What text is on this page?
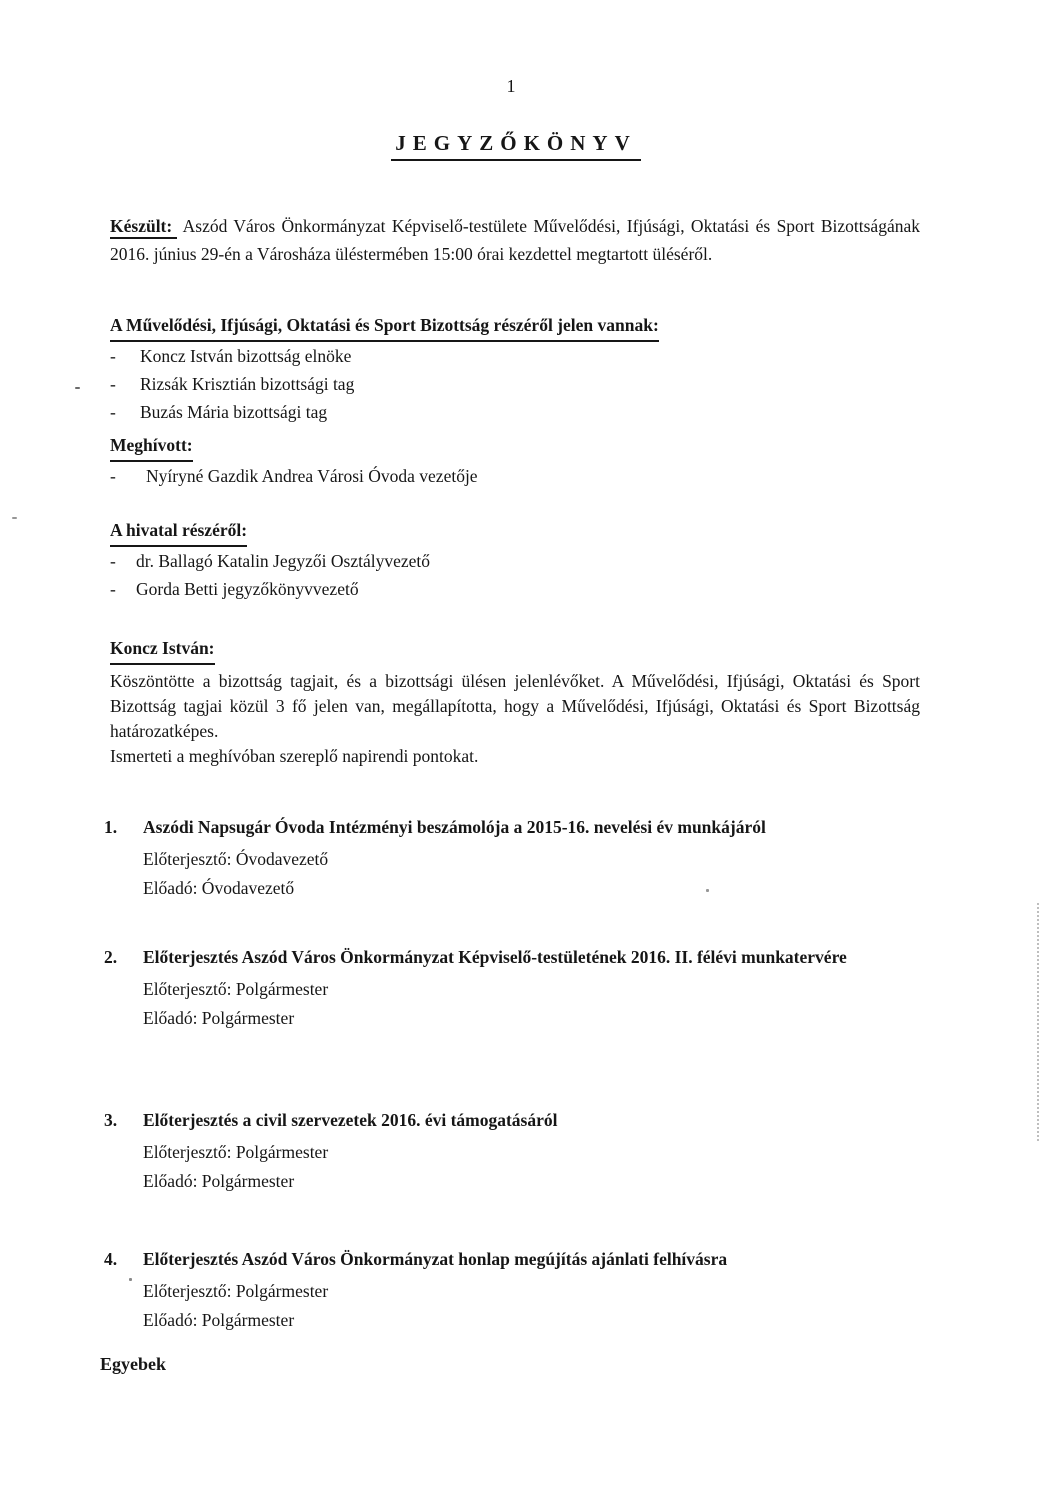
1
JEGYZŐKÖNYV
Készült: Aszód Város Önkormányzat Képviselő-testülete Művelődési, Ifjúsági, Oktatási és Sport Bizottságának 2016. június 29-én a Városháza üléstermében 15:00 órai kezdettel megtartott üléséről.
A Művelődési, Ifjúsági, Oktatási és Sport Bizottság részéről jelen vannak:
-	Koncz István bizottság elnöke
-	Rizsák Krisztián bizottsági tag
-	Buzás Mária bizottsági tag
Meghívott:
-	Nyíryné Gazdik Andrea Városi Óvoda vezetője
A hivatal részéről:
-	dr. Ballagó Katalin Jegyzői Osztályvezető
-	Gorda Betti jegyzőkönyvvezető
Koncz István:
Köszöntötte a bizottság tagjait, és a bizottsági ülésen jelenlévőket. A Művelődési, Ifjúsági, Oktatási és Sport Bizottság tagjai közül 3 fő jelen van, megállapította, hogy a Művelődési, Ifjúsági, Oktatási és Sport Bizottság határozatképes.
Ismerteti a meghívóban szereplő napirendi pontokat.
1.	Aszódi Napsugár Óvoda Intézményi beszámolója a 2015-16. nevelési év munkájáról
Előterjesztő: Óvodavezető
Előadó: Óvodavezető
2.	Előterjesztés Aszód Város Önkormányzat Képviselő-testületének 2016. II. félévi munkatervére
Előterjesztő: Polgármester
Előadó: Polgármester
3.	Előterjesztés a civil szervezetek 2016. évi támogatásáról
Előterjesztő: Polgármester
Előadó: Polgármester
4.	Előterjesztés Aszód Város Önkormányzat honlap megújítás ajánlati felhívásra
Előterjesztő: Polgármester
Előadó: Polgármester
Egyebek
